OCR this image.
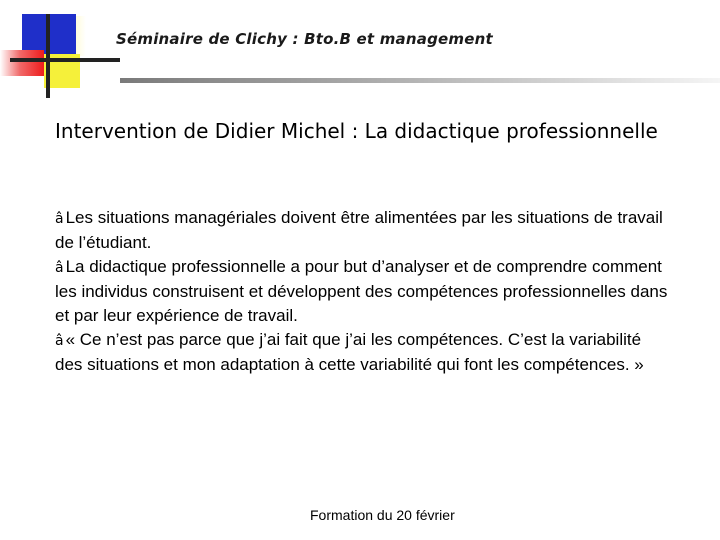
Séminaire de Clichy : Bto.B et management
Intervention de Didier Michel : La didactique professionnelle
â Les situations managériales doivent être alimentées par les situations de travail de l’étudiant.
â La didactique professionnelle a pour but d’analyser et de comprendre comment les individus construisent et développent des compétences professionnelles dans et par leur expérience de travail.
â « Ce n’est pas parce que j’ai fait que j’ai les compétences. C’est la variabilité des situations et mon adaptation à cette variabilité qui font les compétences. »
Formation du 20 février
